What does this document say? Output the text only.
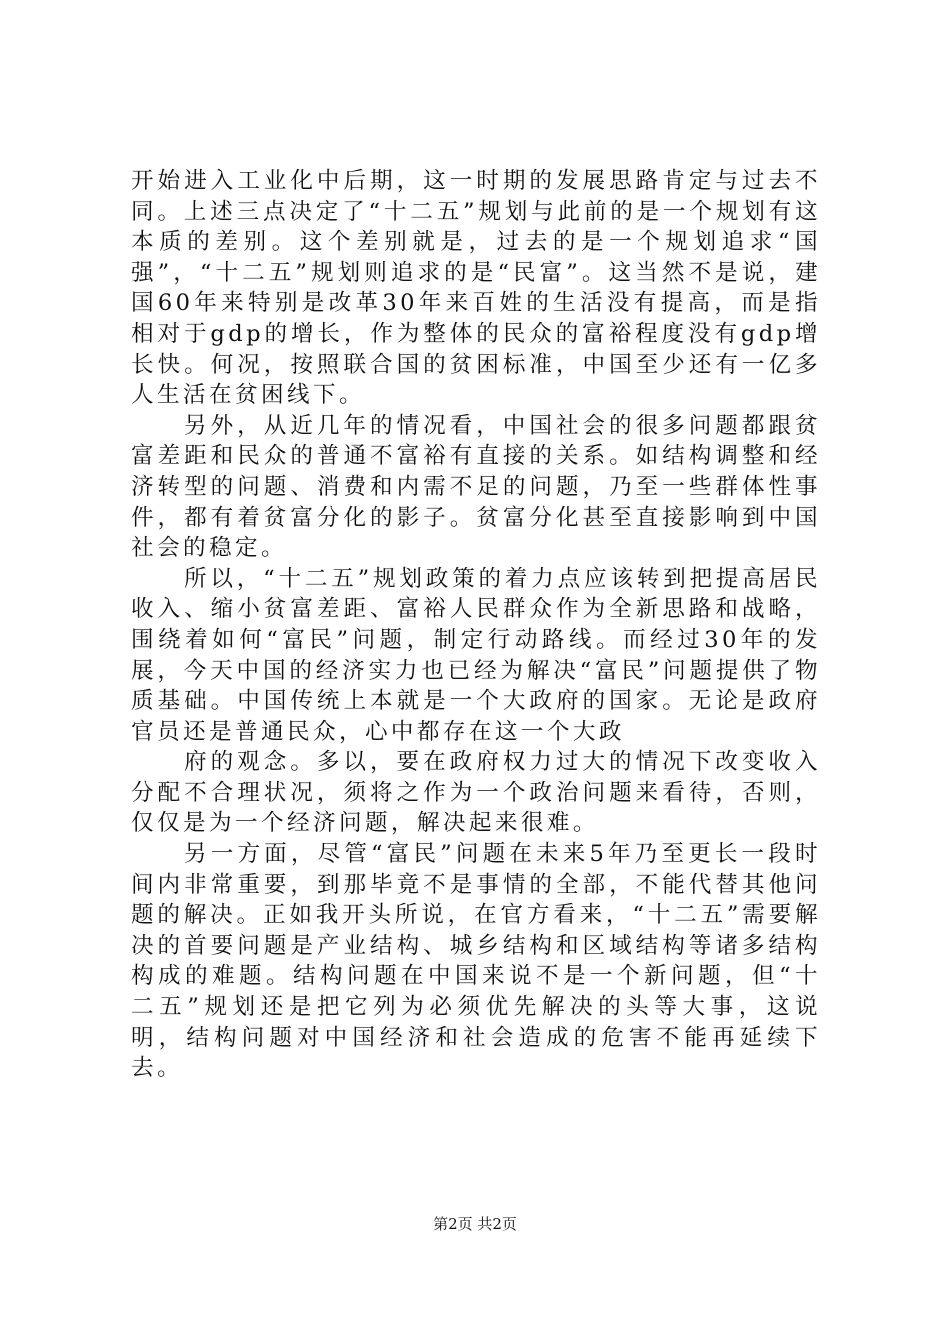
开始进入工业化中后期，这一时期的发展思路肯定与过去不同。上述三点决定了“十二五”规划与此前的是一个规划有这本质的差别。这个差别就是，过去的是一个规划追求“国强”，“十二五”规划则追求的是“民富”。这当然不是说，建国60年来特别是改革30年来百姓的生活没有提高，而是指相对于gdp的增长，作为整体的民众的富裕程度没有gdp增长快。何况，按照联合国的贫困标准，中国至少还有一亿多人生活在贫困线下。

另外，从近几年的情况看，中国社会的很多问题都跟贫富差距和民众的普通不富裕有直接的关系。如结构调整和经济转型的问题、消费和内需不足的问题，乃至一些群体性事件，都有着贫富分化的影子。贫富分化甚至直接影响到中国社会的稳定。

所以，“十二五”规划政策的着力点应该转到把提高居民收入、缩小贫富差距、富裕人民群众作为全新思路和战略，围绕着如何“富民”问题，制定行动路线。而经过30年的发展，今天中国的经济实力也已经为解决“富民”问题提供了物质基础。中国传统上本就是一个大政府的国家。无论是政府官员还是普通民众，心中都存在这一个大政

府的观念。多以，要在政府权力过大的情况下改变收入分配不合理状况，须将之作为一个政治问题来看待，否则，仅仅是为一个经济问题，解决起来很难。

另一方面，尽管“富民”问题在未来5年乃至更长一段时间内非常重要，到那毕竟不是事情的全部，不能代替其他问题的解决。正如我开头所说，在官方看来，“十二五”需要解决的首要问题是产业结构、城乡结构和区域结构等诸多结构构成的难题。结构问题在中国来说不是一个新问题，但“十二五”规划还是把它列为必须优先解决的头等大事，这说明，结构问题对中国经济和社会造成的危害不能再延续下去。

第2页 共2页
